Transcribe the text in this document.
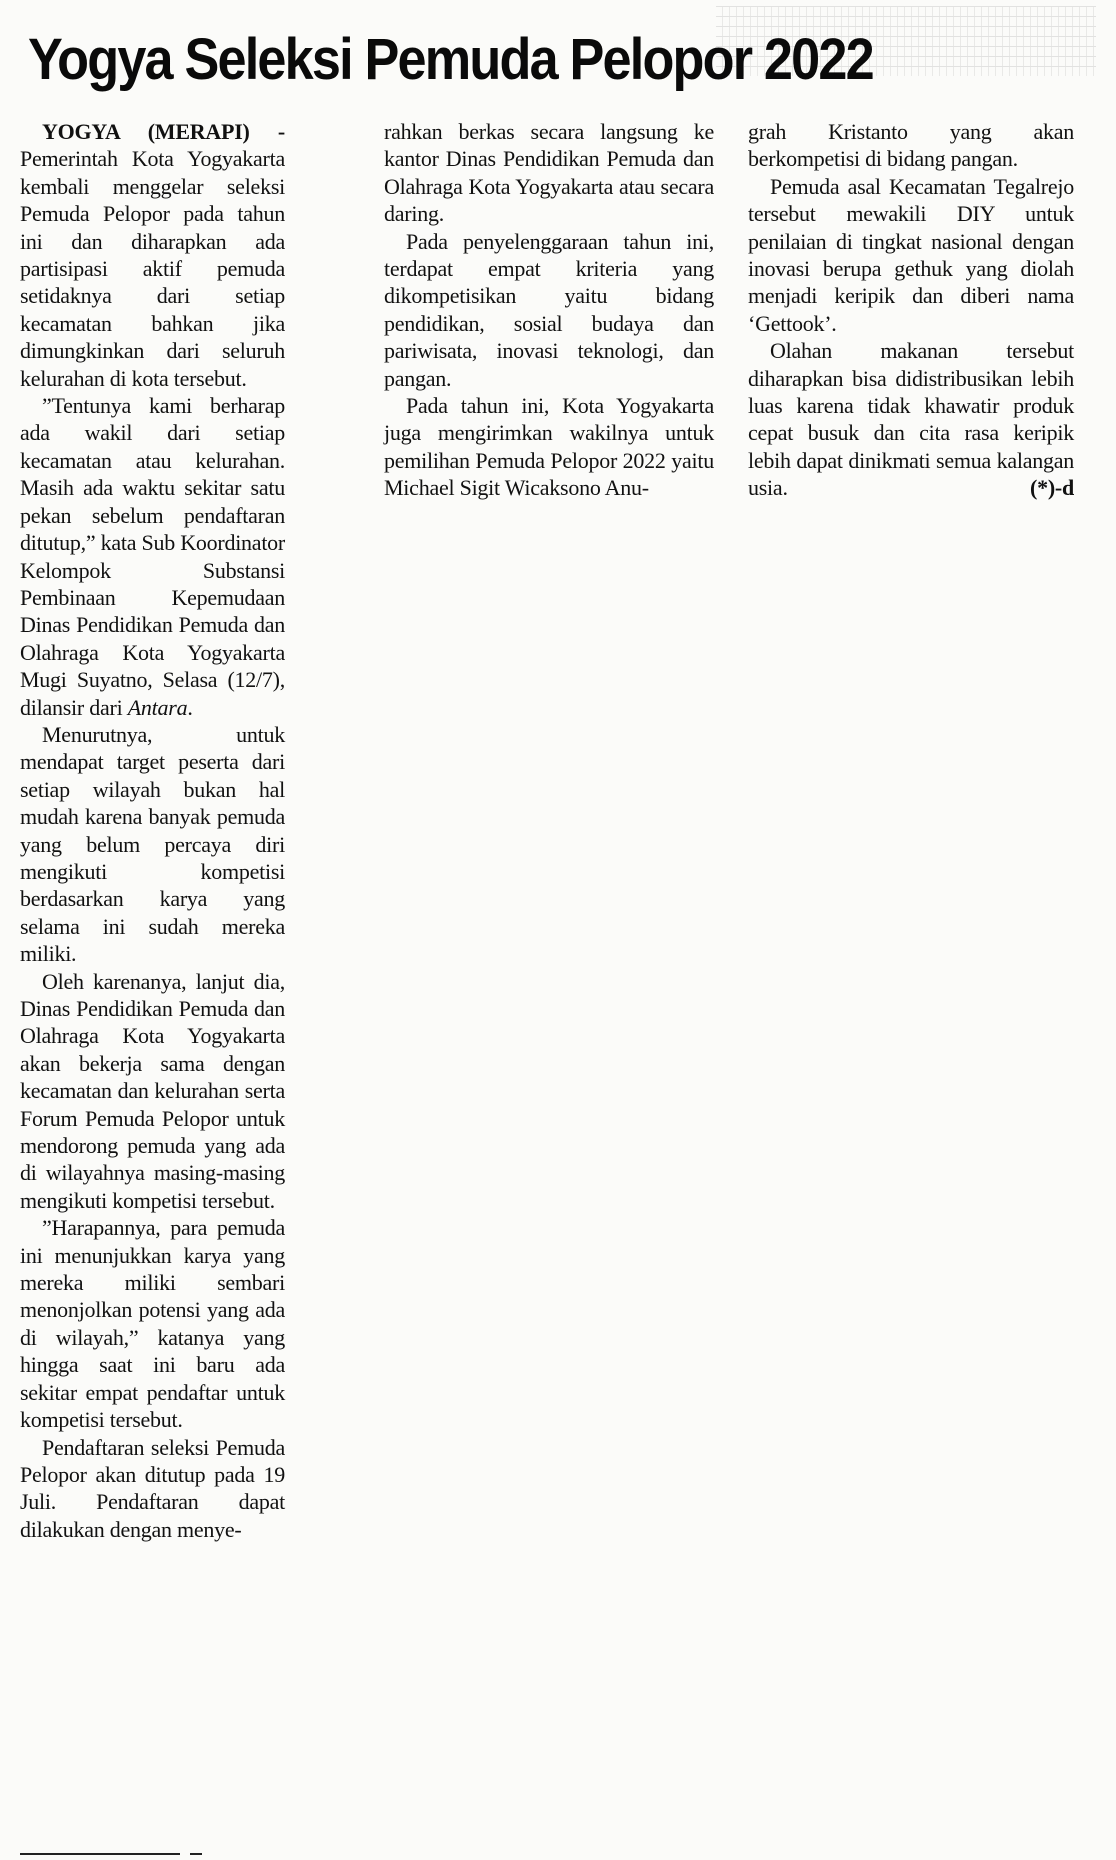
Yogya Seleksi Pemuda Pelopor 2022

YOGYA (MERAPI) - Pemerintah Kota Yogyakarta kembali menggelar seleksi Pemuda Pelopor pada tahun ini dan diharapkan ada partisipasi aktif pemuda setidaknya dari setiap kecamatan bahkan jika dimungkinkan dari seluruh kelurahan di kota tersebut.

”Tentunya kami berharap ada wakil dari setiap kecamatan atau kelurahan. Masih ada waktu sekitar satu pekan sebelum pendaftaran ditutup,” kata Sub Koordinator Kelompok Substansi Pembinaan Kepemudaan Dinas Pendidikan Pemuda dan Olahraga Kota Yogyakarta Mugi Suyatno, Selasa (12/7), dilansir dari Antara.

Menurutnya, untuk mendapat target peserta dari setiap wilayah bukan hal mudah karena banyak pemuda yang belum percaya diri mengikuti kompetisi berdasarkan karya yang selama ini sudah mereka miliki.

Oleh karenanya, lanjut dia, Dinas Pendidikan Pemuda dan Olahraga Kota Yogyakarta akan bekerja sama dengan kecamatan dan kelurahan serta Forum Pemuda Pelopor untuk mendorong pemuda yang ada di wilayahnya masing-masing mengikuti kompetisi tersebut.

”Harapannya, para pemuda ini menunjukkan karya yang mereka miliki sembari menonjolkan potensi yang ada di wilayah,” katanya yang hingga saat ini baru ada sekitar empat pendaftar untuk kompetisi tersebut.

Pendaftaran seleksi Pemuda Pelopor akan ditutup pada 19 Juli. Pendaftaran dapat dilakukan dengan menye-

rahkan berkas secara langsung ke kantor Dinas Pendidikan Pemuda dan Olahraga Kota Yogyakarta atau secara daring.

Pada penyelenggaraan tahun ini, terdapat empat kriteria yang dikompetisikan yaitu bidang pendidikan, sosial budaya dan pariwisata, inovasi teknologi, dan pangan.

Pada tahun ini, Kota Yogyakarta juga mengirimkan wakilnya untuk pemilihan Pemuda Pelopor 2022 yaitu Michael Sigit Wicaksono Anu-

grah Kristanto yang akan berkompetisi di bidang pangan.

Pemuda asal Kecamatan Tegalrejo tersebut mewakili DIY untuk penilaian di tingkat nasional dengan inovasi berupa gethuk yang diolah menjadi keripik dan diberi nama ‘Gettook’.

Olahan makanan tersebut diharapkan bisa didistribusikan lebih luas karena tidak khawatir produk cepat busuk dan cita rasa keripik lebih dapat dinikmati semua kalangan usia.	(*)-d
